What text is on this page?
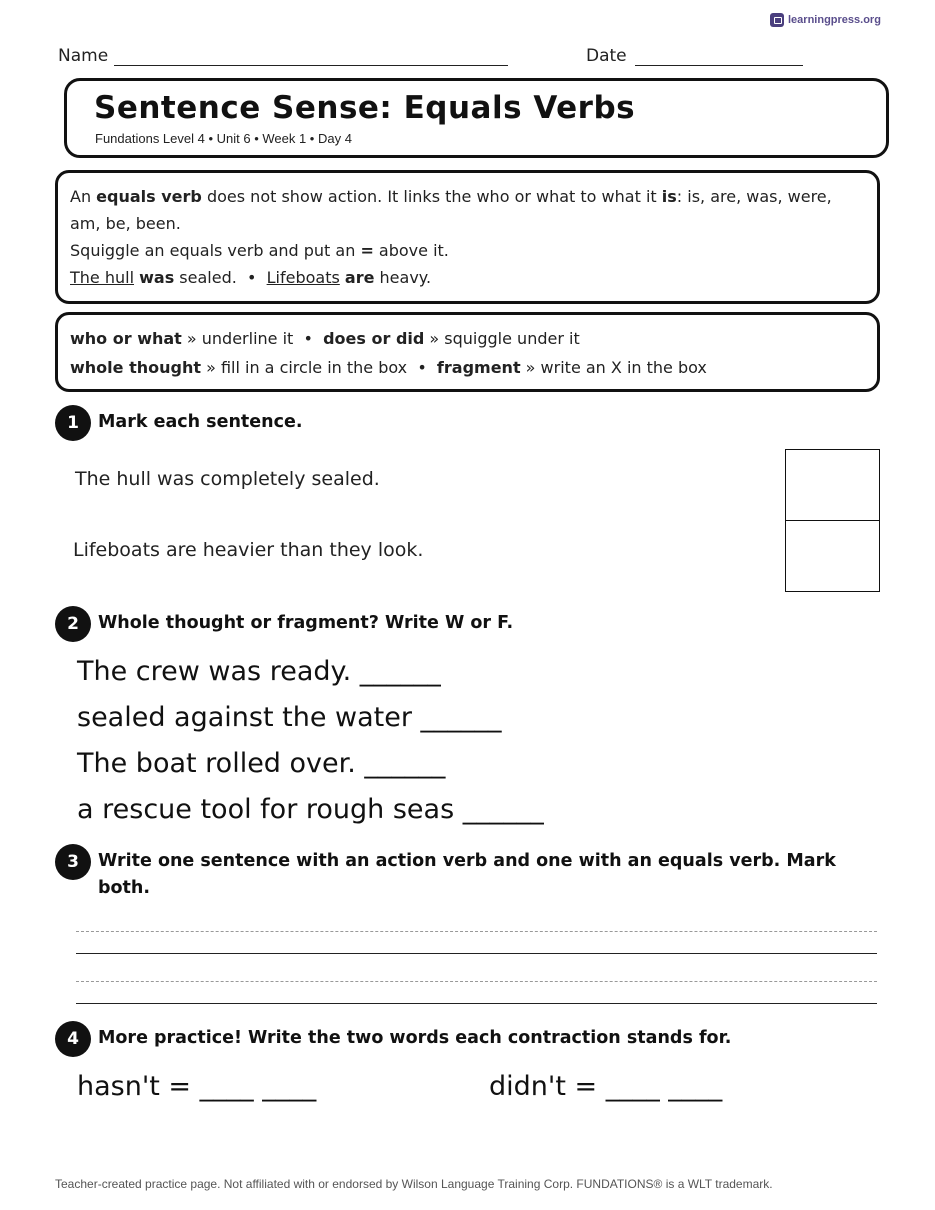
learningpress.org
Name	Date
Sentence Sense: Equals Verbs
Fundations Level 4 • Unit 6 • Week 1 • Day 4
An equals verb does not show action. It links the who or what to what it is: is, are, was, were, am, be, been.
Squiggle an equals verb and put an = above it.
The hull was sealed.  •  Lifeboats are heavy.
who or what » underline it  •  does or did » squiggle under it
whole thought » fill in a circle in the box  •  fragment » write an X in the box
1	Mark each sentence.
The hull was completely sealed.
Lifeboats are heavier than they look.
2	Whole thought or fragment? Write W or F.
The crew was ready. ______
sealed against the water ______
The boat rolled over. ______
a rescue tool for rough seas ______
3	Write one sentence with an action verb and one with an equals verb. Mark both.
4	More practice! Write the two words each contraction stands for.
hasn't = ____ ____	didn't = ____ ____
Teacher-created practice page. Not affiliated with or endorsed by Wilson Language Training Corp. FUNDATIONS® is a WLT trademark.
